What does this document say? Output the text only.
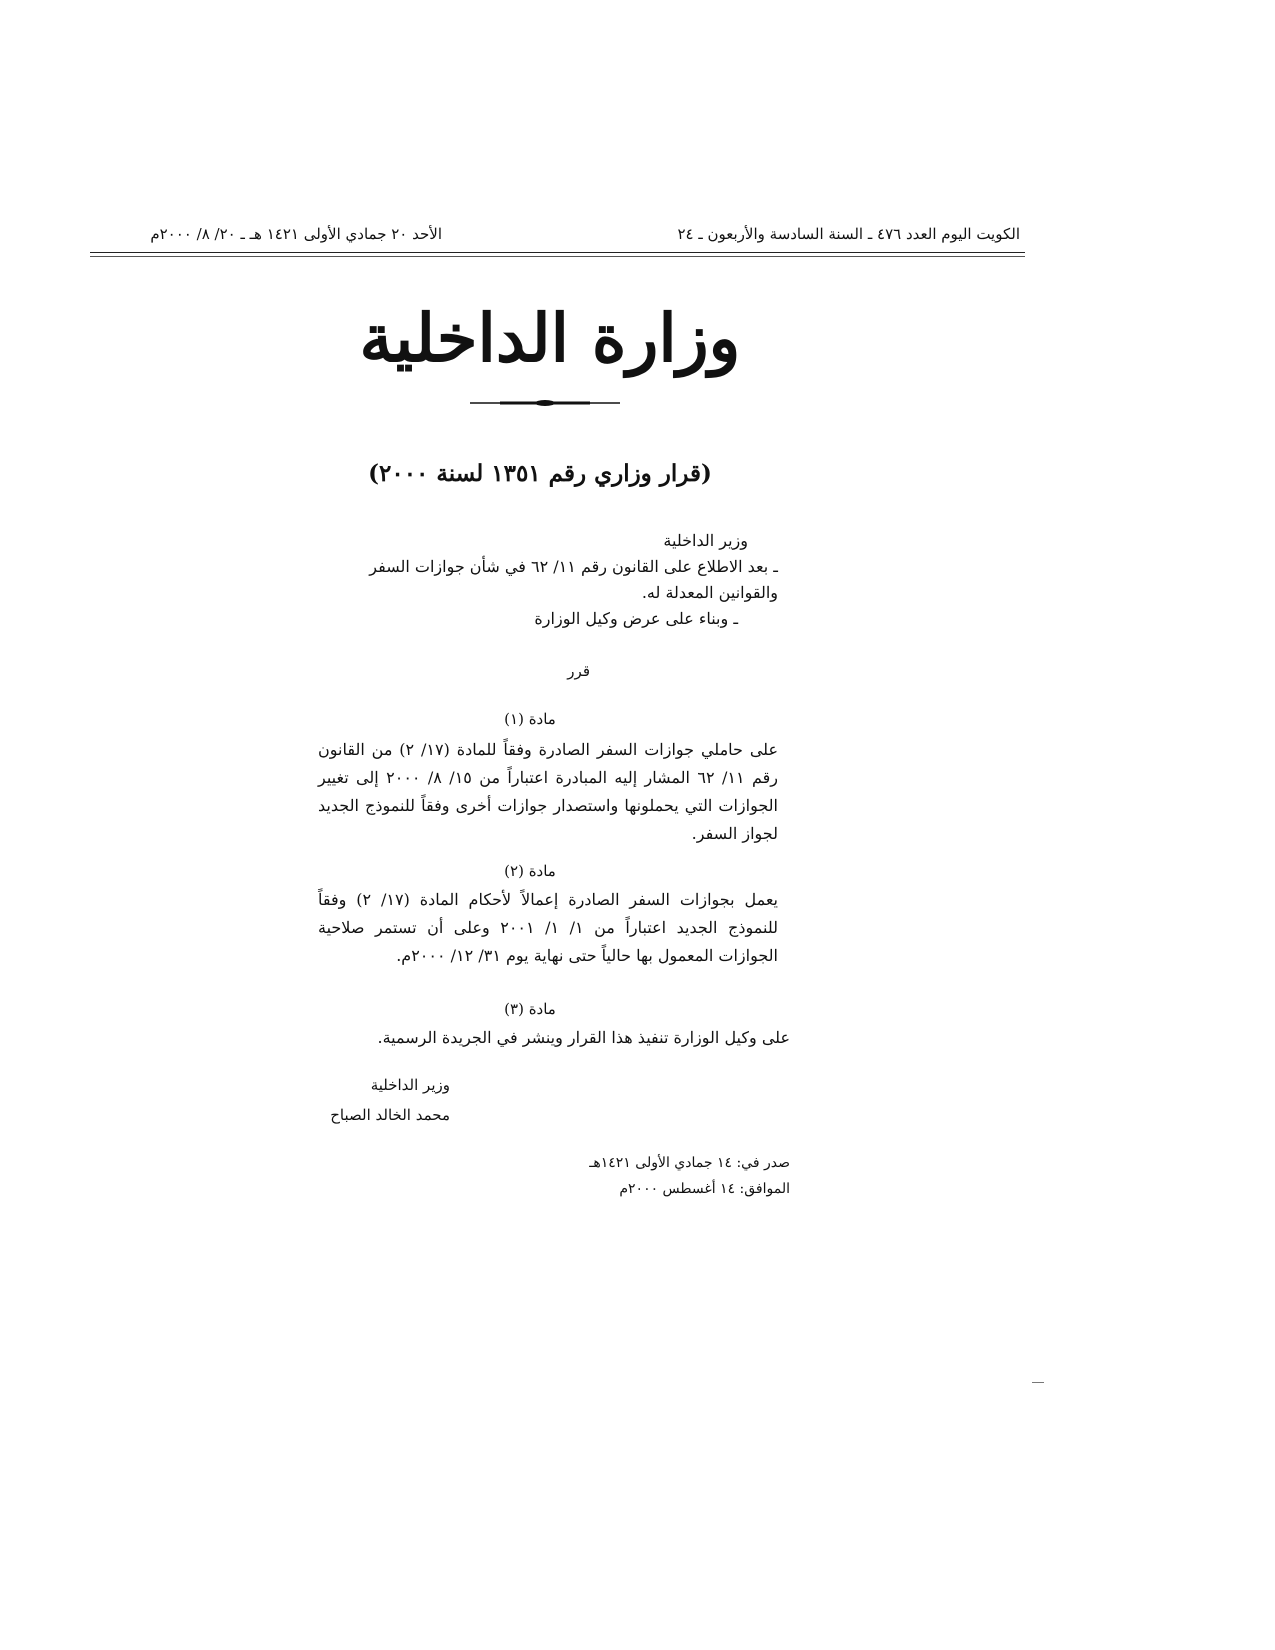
الكويت اليوم العدد ٤٧٦ ـ السنة السادسة والأربعون ـ ٢٤
الأحد ٢٠ جمادي الأولى ١٤٢١ هـ ـ ٢٠/ ٨/ ٢٠٠٠م
وزارة الداخلية
(قرار وزاري رقم ١٣٥١ لسنة ٢٠٠٠)

وزير الداخلية

ـ بعد الاطلاع على القانون رقم ١١/ ٦٢ في شأن جوازات السفر والقوانين المعدلة له.

ـ وبناء على عرض وكيل الوزارة

قرر
مادة (١)
على حاملي جوازات السفر الصادرة وفقاً للمادة (١٧/ ٢) من القانون رقم ١١/ ٦٢ المشار إليه المبادرة اعتباراً من ١٥/ ٨/ ٢٠٠٠ إلى تغيير الجوازات التي يحملونها واستصدار جوازات أخرى وفقاً للنموذج الجديد لجواز السفر.
مادة (٢)
يعمل بجوازات السفر الصادرة إعمالاً لأحكام المادة (١٧/ ٢) وفقاً للنموذج الجديد اعتباراً من ١/ ١/ ٢٠٠١ وعلى أن تستمر صلاحية الجوازات المعمول بها حالياً حتى نهاية يوم ٣١/ ١٢/ ٢٠٠٠م.
مادة (٣)
على وكيل الوزارة تنفيذ هذا القرار وينشر في الجريدة الرسمية.
وزير الداخلية
محمد الخالد الصباح
صدر في: ١٤ جمادي الأولى ١٤٢١هـ
الموافق: ١٤ أغسطس ٢٠٠٠م
